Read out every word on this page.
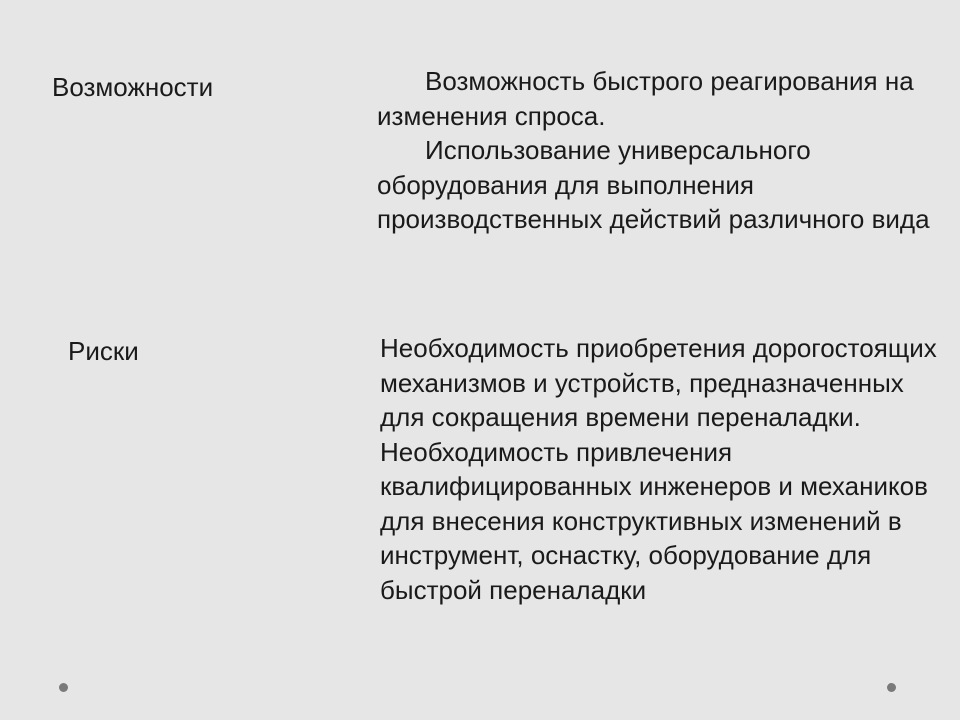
Возможности	Возможность быстрого реагирования на изменения спроса.

Использование универсального оборудования для выполнения производственных действий различного вида

Риски	Необходимость приобретения дорогостоящих механизмов и устройств, предназначенных для сокращения времени переналадки.

Необходимость привлечения квалифицированных инженеров и механиков для внесения конструктивных изменений в инструмент, оснастку, оборудование для быстрой переналадки
